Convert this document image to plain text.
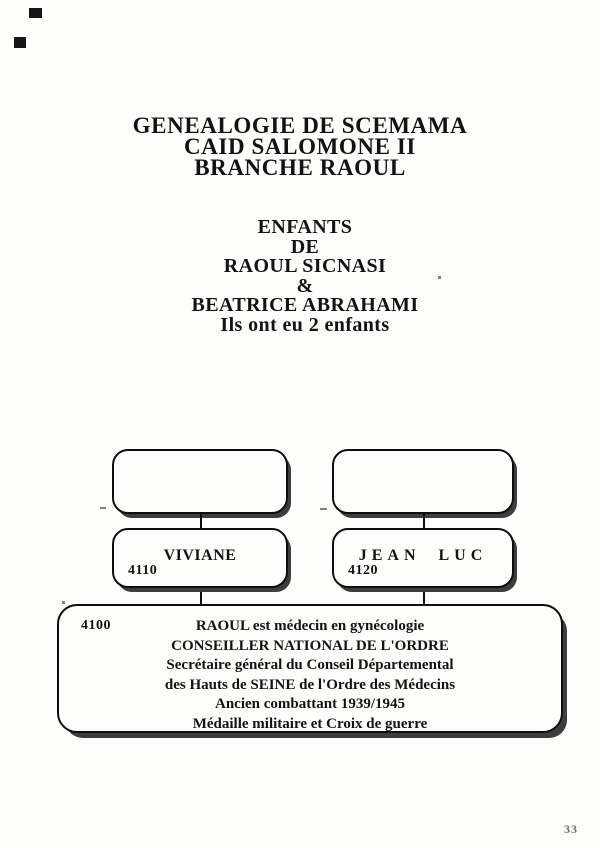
GENEALOGIE DE SCEMAMA
CAID SALOMONE II
BRANCHE RAOUL
ENFANTS
DE
RAOUL SICNASI
&
BEATRICE ABRAHAMI
Ils ont eu 2 enfants
VIVIANE
4110
JEAN LUC
4120
4100	RAOUL est médecin en gynécologie
CONSEILLER NATIONAL DE L'ORDRE
Secrétaire général du Conseil Départemental
des Hauts de SEINE de l'Ordre des Médecins
Ancien combattant 1939/1945
Médaille militaire et Croix de guerre
33
